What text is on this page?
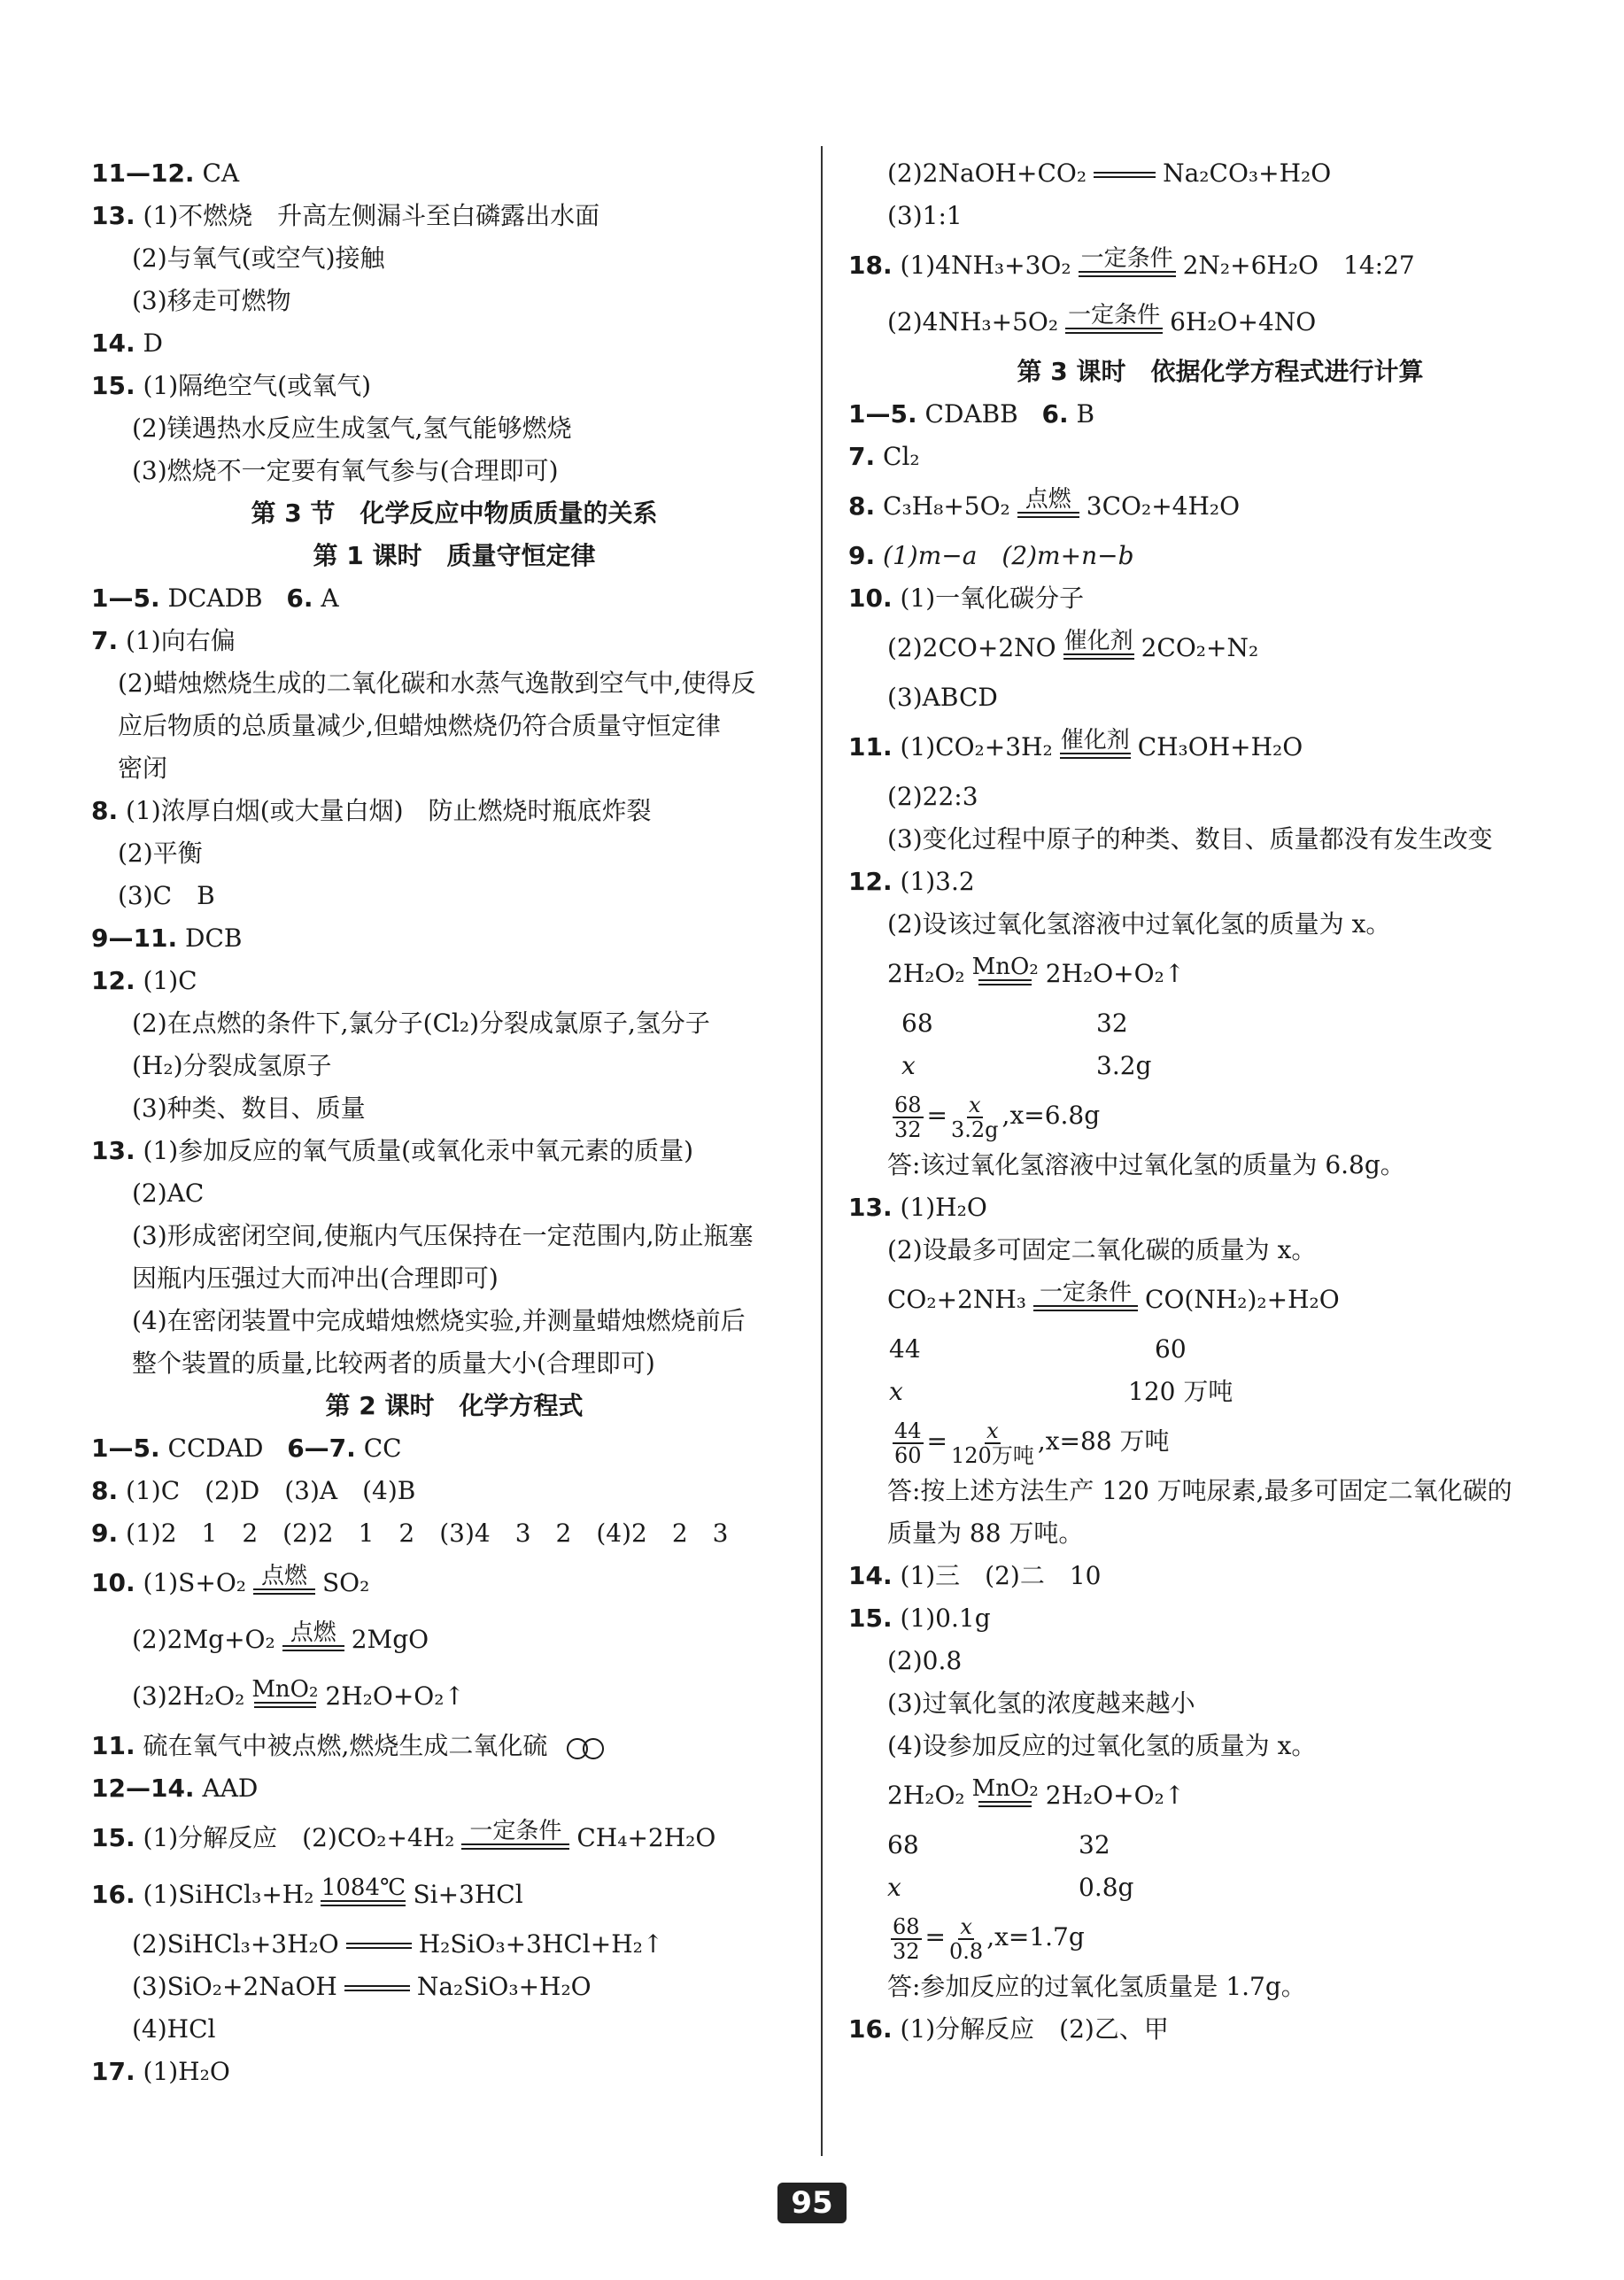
11—12. CA
13. (1)不燃烧　升高左侧漏斗至白磷露出水面
(2)与氧气(或空气)接触
(3)移走可燃物
14. D
15. (1)隔绝空气(或氧气)
(2)镁遇热水反应生成氢气,氢气能够燃烧
(3)燃烧不一定要有氧气参与(合理即可)
第 3 节　化学反应中物质质量的关系
第 1 课时　质量守恒定律
1—5. DCADB 6. A
7. (1)向右偏
(2)蜡烛燃烧生成的二氧化碳和水蒸气逸散到空气中,使得反
应后物质的总质量减少,但蜡烛燃烧仍符合质量守恒定律
密闭
8. (1)浓厚白烟(或大量白烟)　防止燃烧时瓶底炸裂
(2)平衡
(3)C　B
9—11. DCB
12. (1)C
(2)在点燃的条件下,氯分子(Cl₂)分裂成氯原子,氢分子
(H₂)分裂成氢原子
(3)种类、数目、质量
13. (1)参加反应的氧气质量(或氧化汞中氧元素的质量)
(2)AC
(3)形成密闭空间,使瓶内气压保持在一定范围内,防止瓶塞
因瓶内压强过大而冲出(合理即可)
(4)在密闭装置中完成蜡烛燃烧实验,并测量蜡烛燃烧前后
整个装置的质量,比较两者的质量大小(合理即可)
第 2 课时　化学方程式
1—5. CCDAD 6—7. CC
8. (1)C　(2)D　(3)A　(4)B
9. (1)2　1　2　(2)2　1　2　(3)4　3　2　(4)2　2　3
10. (1)S+O₂ 点燃 SO₂
(2)2Mg+O₂ 点燃 2MgO
(3)2H₂O₂ MnO₂ 2H₂O+O₂↑
11. 硫在氧气中被点燃,燃烧生成二氧化硫
12—14. AAD
15. (1)分解反应　(2)CO₂+4H₂ 一定条件 CH₄+2H₂O
16. (1)SiHCl₃+H₂ 1084℃ Si+3HCl
(2)SiHCl₃+3H₂O	H₂SiO₃+3HCl+H₂↑
(3)SiO₂+2NaOH	Na₂SiO₃+H₂O
(4)HCl
17. (1)H₂O
(2)2NaOH+CO₂	Na₂CO₃+H₂O
(3)1:1
18. (1)4NH₃+3O₂ 一定条件 2N₂+6H₂O　14:27
(2)4NH₃+5O₂ 一定条件 6H₂O+4NO
第 3 课时　依据化学方程式进行计算
1—5. CDABB 6. B
7. Cl₂
8. C₃H₈+5O₂ 点燃 3CO₂+4H₂O
9. (1)m−a　(2)m+n−b
10. (1)一氧化碳分子
(2)2CO+2NO 催化剂 2CO₂+N₂
(3)ABCD
11. (1)CO₂+3H₂ 催化剂 CH₃OH+H₂O
(2)22:3
(3)变化过程中原子的种类、数目、质量都没有发生改变
12. (1)3.2
(2)设该过氧化氢溶液中过氧化氢的质量为 x。
2H₂O₂ MnO₂ 2H₂O+O₂↑
68	32
x	3.2g
$\frac{68}{32} = \frac{x}{3.2g} ,x=6.8g$
答:该过氧化氢溶液中过氧化氢的质量为 6.8g。
13. (1)H₂O
(2)设最多可固定二氧化碳的质量为 x。
CO₂+2NH₃ 一定条件 CO(NH₂)₂+H₂O
44	60
x	120 万吨
$\frac{44}{60} = \frac{x}{\text{120万吨}} ,x=88$ 万吨
答:按上述方法生产 120 万吨尿素,最多可固定二氧化碳的
质量为 88 万吨。
14. (1)三　(2)二　10
15. (1)0.1g
(2)0.8
(3)过氧化氢的浓度越来越小
(4)设参加反应的过氧化氢的质量为 x。
2H₂O₂ MnO₂ 2H₂O+O₂↑
68	32
x	0.8g
$\frac{68}{32} = \frac{x}{0.8} ,x=1.7g$
答:参加反应的过氧化氢质量是 1.7g。
16. (1)分解反应　(2)乙、甲
95
